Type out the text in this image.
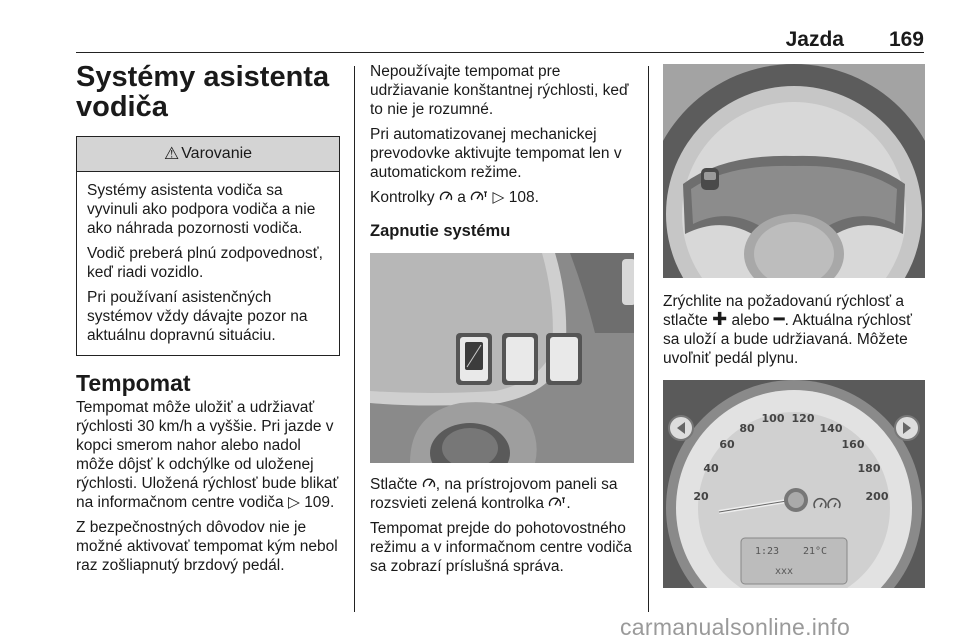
Jazda 169
Systémy asistenta vodiča
⚠ Varovanie

Systémy asistenta vodiča sa vyvinuli ako podpora vodiča a nie ako náhrada pozornosti vodiča.

Vodič preberá plnú zodpovednosť, keď riadi vozidlo.

Pri používaní asistenčných systémov vždy dávajte pozor na aktuálnu dopravnú situáciu.

Tempomat

Tempomat môže uložiť a udržiavať rýchlosti 30 km/h a vyššie. Pri jazde v kopci smerom nahor alebo nadol môže dôjsť k odchýlke od uloženej rýchlosti. Uložená rýchlosť bude blikať na informačnom centre vodiča ▷ 109.

Z bezpečnostných dôvodov nie je možné aktivovať tempomat kým nebol raz zošliapnutý brzdový pedál.

Nepoužívajte tempomat pre udržiavanie konštantnej rýchlosti, keď to nie je rozumné.

Pri automatizovanej mechanickej prevodovke aktivujte tempomat len v automatickom režime.

Kontrolky a ▷ 108.

Zapnutie systému

Stlačte , na prístrojovom paneli sa rozsvieti zelená kontrolka .

Tempomat prejde do pohotovostného režimu a v informačnom centre vodiča sa zobrazí príslušná správa.

Zrýchlite na požadovanú rýchlosť a stlačte ✚ alebo ━. Aktuálna rýchlosť sa uloží a bude udržiavaná. Môžete uvoľniť pedál plynu.

20
40
60
80
100 120
140
160
180
200
1:23 21°C
xxx
carmanualsonline.info
